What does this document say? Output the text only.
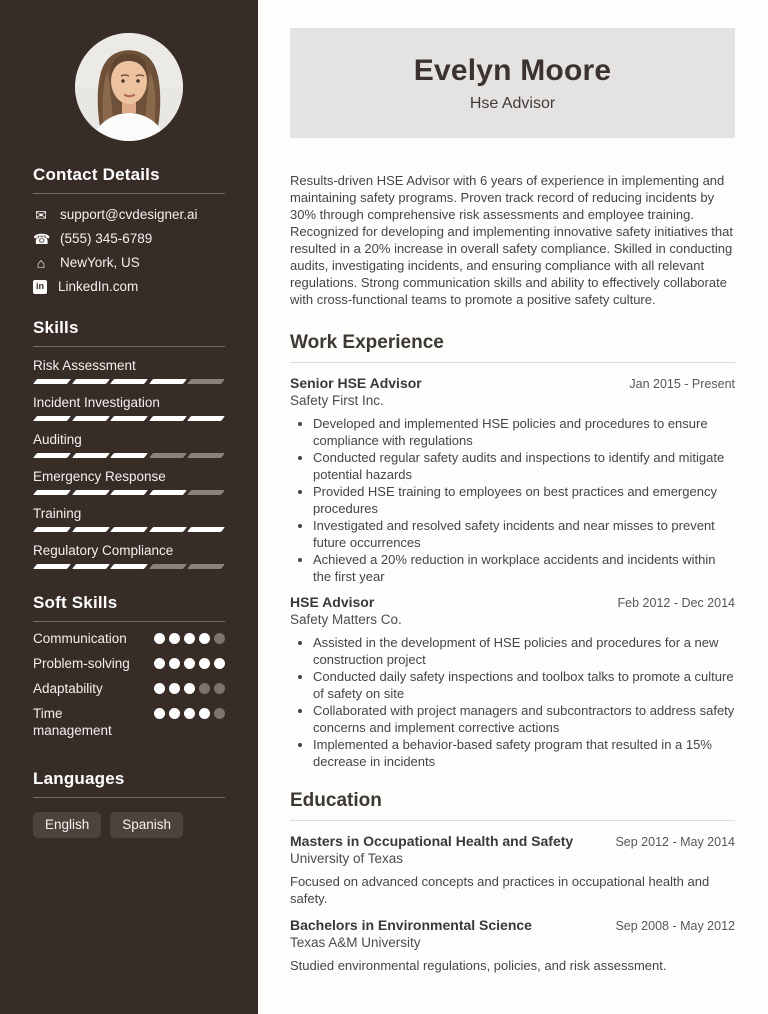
Contact Details
✉ support@cvdesigner.ai
☎ (555) 345-6789
⌂ NewYork, US
in LinkedIn.com
Skills
Risk Assessment
Incident Investigation
Auditing
Emergency Response
Training
Regulatory Compliance
Soft Skills
Communication
Problem-solving
Adaptability
Time management
Languages
English	Spanish
Evelyn Moore
Hse Advisor

Results-driven HSE Advisor with 6 years of experience in implementing and maintaining safety programs. Proven track record of reducing incidents by 30% through comprehensive risk assessments and employee training. Recognized for developing and implementing innovative safety initiatives that resulted in a 20% increase in overall safety compliance. Skilled in conducting audits, investigating incidents, and ensuring compliance with all relevant regulations. Strong communication skills and ability to effectively collaborate with cross-functional teams to promote a positive safety culture.

Work Experience
Senior HSE Advisor	Jan 2015 - Present
Safety First Inc.
• Developed and implemented HSE policies and procedures to ensure compliance with regulations
• Conducted regular safety audits and inspections to identify and mitigate potential hazards
• Provided HSE training to employees on best practices and emergency procedures
• Investigated and resolved safety incidents and near misses to prevent future occurrences
• Achieved a 20% reduction in workplace accidents and incidents within the first year
HSE Advisor	Feb 2012 - Dec 2014
Safety Matters Co.
• Assisted in the development of HSE policies and procedures for a new construction project
• Conducted daily safety inspections and toolbox talks to promote a culture of safety on site
• Collaborated with project managers and subcontractors to address safety concerns and implement corrective actions
• Implemented a behavior-based safety program that resulted in a 15% decrease in incidents
Education
Masters in Occupational Health and Safety	Sep 2012 - May 2014
University of Texas

Focused on advanced concepts and practices in occupational health and safety.

Bachelors in Environmental Science	Sep 2008 - May 2012
Texas A&M University

Studied environmental regulations, policies, and risk assessment.
